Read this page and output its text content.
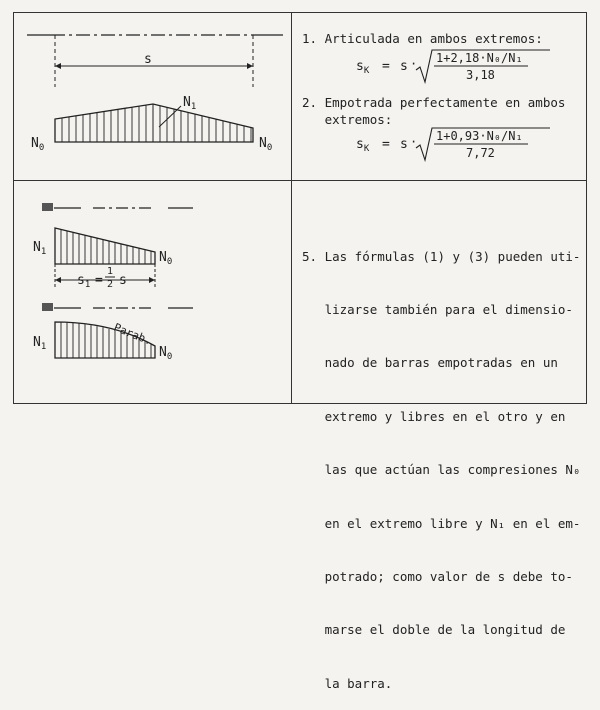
s
$N_1$
$N_0$	$N_0$
1. Articulada en ambos extremos:
$s_K = s \cdot 1+2,18\cdot N_0/N_1$
3,18
2. Empotrada perfectamente en ambos
extremos:
$s_K = s \cdot 1+0,93\cdot N_0/N_1$
7,72
$N_1$	$N_0$
$s_1$ =
1
2 s
$N_1$	$N_0$
Parab.

5. Las fórmulas (1) y (3) pueden uti-

lizarse también para el dimensio-

nado de barras empotradas en un

extremo y libres en el otro y en

las que actúan las compresiones N₀

en el extremo libre y N₁ en el em-

potrado; como valor de s debe to-

marse el doble de la longitud de

la barra.
